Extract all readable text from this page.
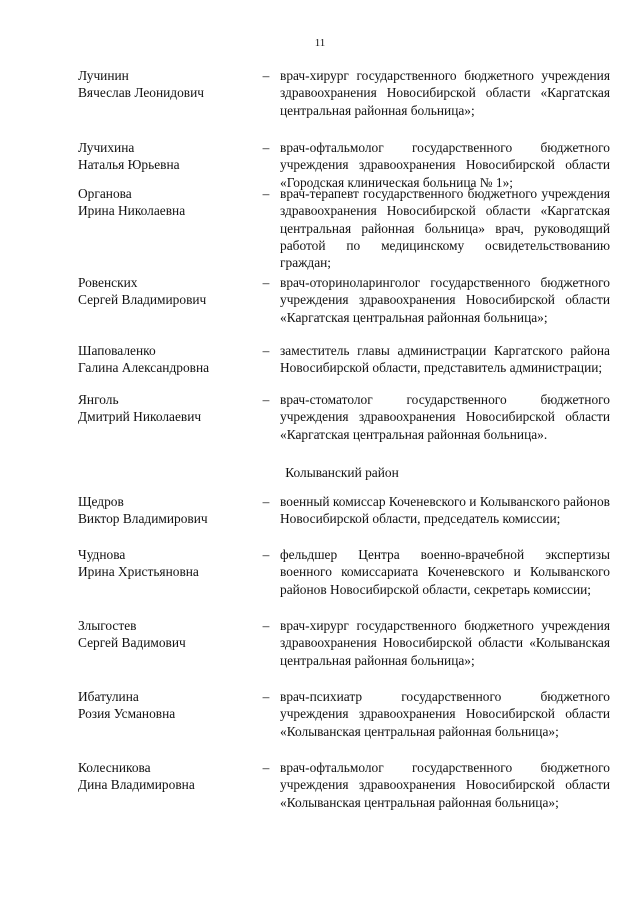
11
Лучинин
Вячеслав Леонидович
– врач-хирург государственного бюджетного учреждения здравоохранения Новосибирской области «Каргатская центральная районная больница»;
Лучихина
Наталья Юрьевна
– врач-офтальмолог государственного бюджетного учреждения здравоохранения Новосибирской области «Городская клиническая больница № 1»;
Органова
Ирина Николаевна
– врач-терапевт государственного бюджетного учреждения здравоохранения Новосибирской области «Каргатская центральная районная больница» врач, руководящий работой по медицинскому освидетельствованию граждан;
Ровенских
Сергей Владимирович
– врач-оториноларинголог государственного бюджетного учреждения здравоохранения Новосибирской области «Каргатская центральная районная больница»;
Шаповаленко
Галина Александровна
– заместитель главы администрации Каргатского района Новосибирской области, представитель администрации;
Янголь
Дмитрий Николаевич
– врач-стоматолог государственного бюджетного учреждения здравоохранения Новосибирской области «Каргатская центральная районная больница».
Колыванский район
Щедров
Виктор Владимирович
– военный комиссар Коченевского и Колыванского районов Новосибирской области, председатель комиссии;
Чуднова
Ирина Христьяновна
– фельдшер Центра военно-врачебной экспертизы военного комиссариата Коченевского и Колыванского районов Новосибирской области, секретарь комиссии;
Злыгостев
Сергей Вадимович
– врач-хирург государственного бюджетного учреждения здравоохранения Новосибирской области «Колыванская центральная районная больница»;
Ибатулина
Розия Усмановна
– врач-психиатр государственного бюджетного учреждения здравоохранения Новосибирской области «Колыванская центральная районная больница»;
Колесникова
Дина Владимировна
– врач-офтальмолог государственного бюджетного учреждения здравоохранения Новосибирской области «Колыванская центральная районная больница»;
